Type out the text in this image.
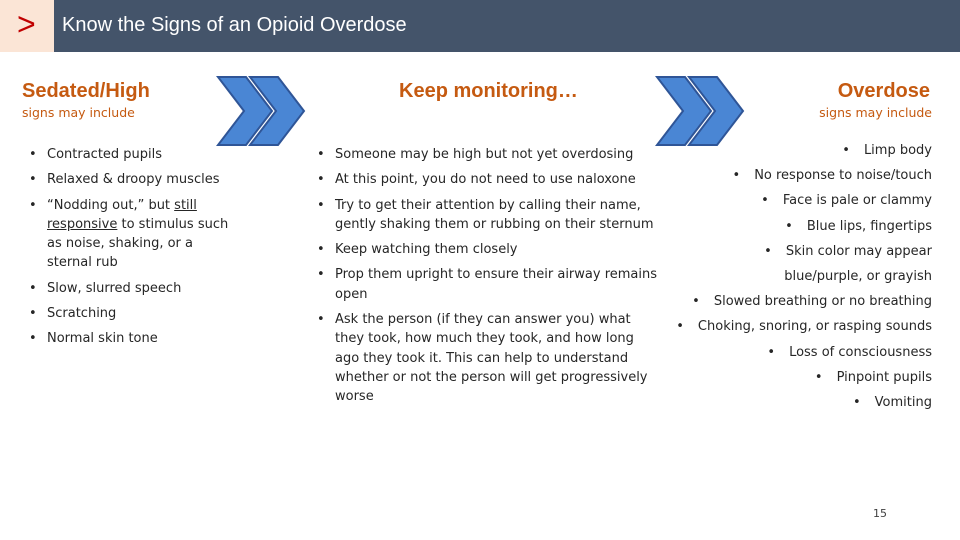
> Know the Signs of an Opioid Overdose
Sedated/High
signs may include
Keep monitoring…	Overdose
signs may include
• Contracted pupils
• Relaxed & droopy muscles
• “Nodding out,” but still responsive to stimulus such as noise, shaking, or a sternal rub
• Slow, slurred speech
• Scratching
• Normal skin tone
• Someone may be high but not yet overdosing
• At this point, you do not need to use naloxone
• Try to get their attention by calling their name, gently shaking them or rubbing on their sternum
• Keep watching them closely
• Prop them upright to ensure their airway remains open
• Ask the person (if they can answer you) what they took, how much they took, and how long ago they took it. This can help to understand whether or not the person will get progressively worse
• Limp body
• No response to noise/touch
• Face is pale or clammy
• Blue lips, fingertips
• Skin color may appear
blue/purple, or grayish
• Slowed breathing or no breathing
• Choking, snoring, or rasping sounds
• Loss of consciousness
• Pinpoint pupils
• Vomiting
15
